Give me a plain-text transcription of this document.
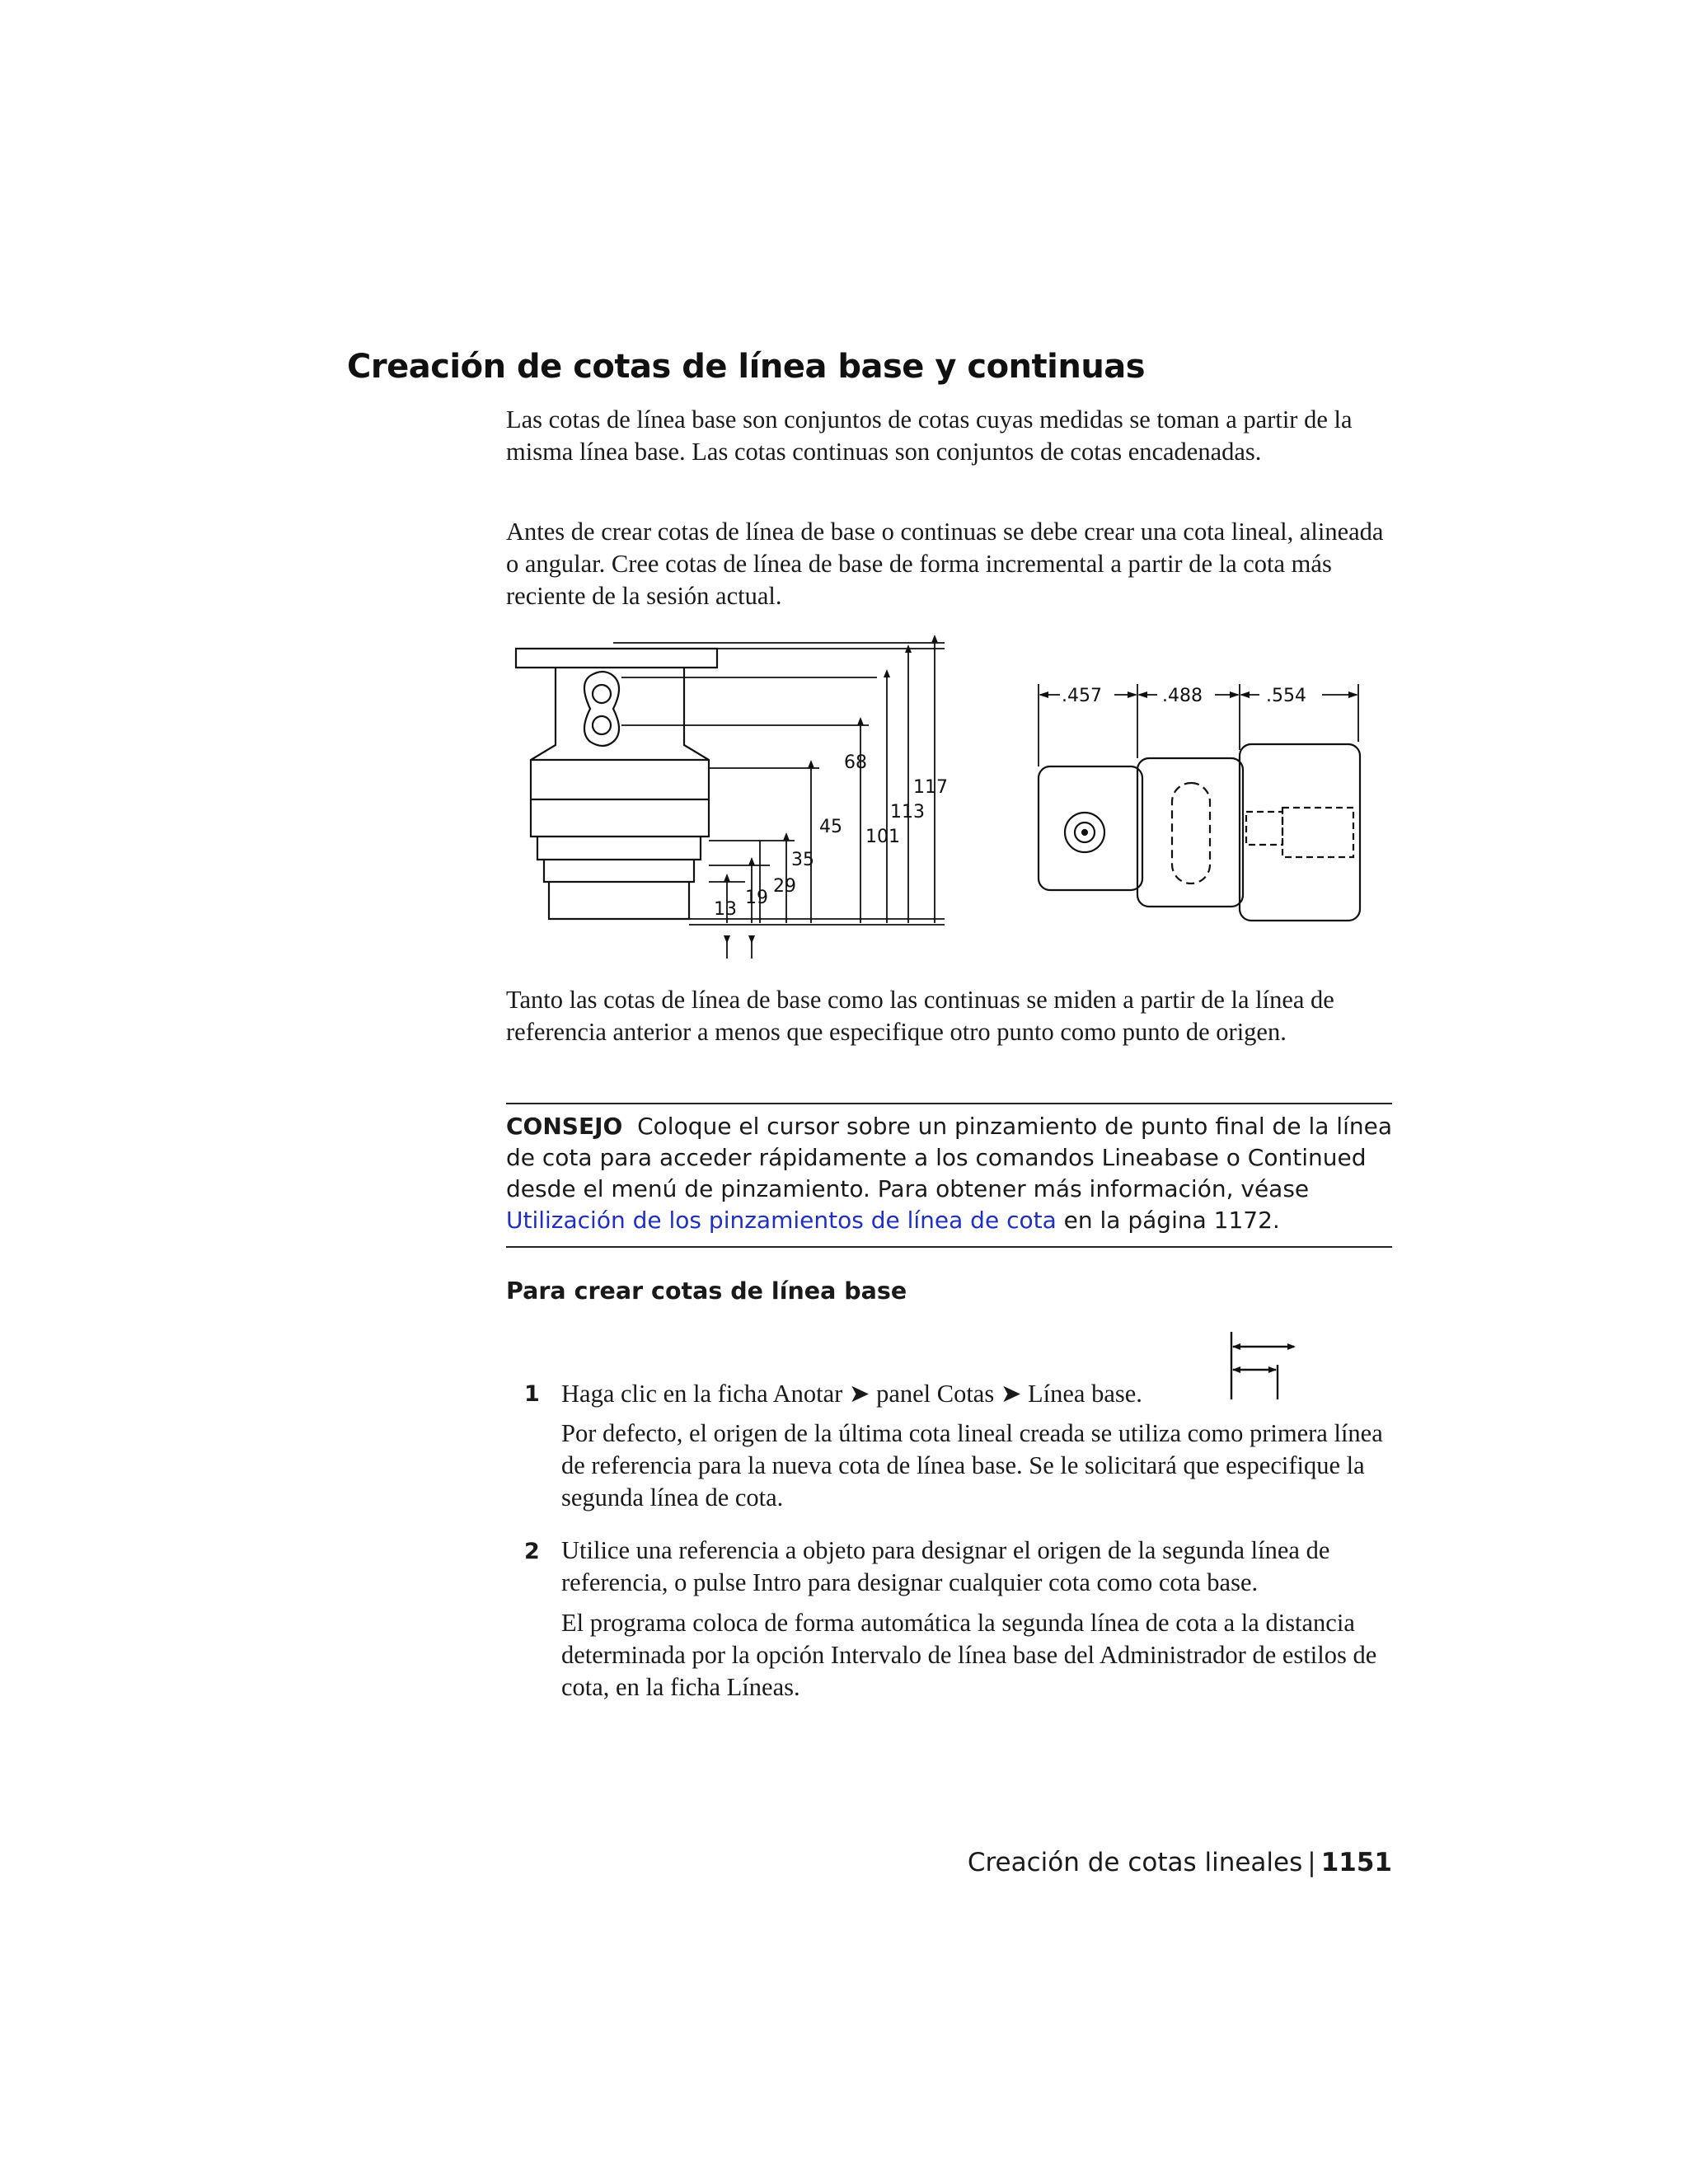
Creación de cotas de línea base y continuas

Las cotas de línea base son conjuntos de cotas cuyas medidas se toman a partir de la misma línea base. Las cotas continuas son conjuntos de cotas encadenadas.

Antes de crear cotas de línea de base o continuas se debe crear una cota lineal, alineada o angular. Cree cotas de línea de base de forma incremental a partir de la cota más reciente de la sesión actual.

13
19
29
35
45
68
101
113
117
.457	.488	.554

Tanto las cotas de línea de base como las continuas se miden a partir de la línea de referencia anterior a menos que especifique otro punto como punto de origen.

CONSEJO Coloque el cursor sobre un pinzamiento de punto final de la línea de cota para acceder rápidamente a los comandos Lineabase o Continued desde el menú de pinzamiento. Para obtener más información, véase Utilización de los pinzamientos de línea de cota en la página 1172.

Para crear cotas de línea base
1 Haga clic en la ficha Anotar ➤ panel Cotas ➤ Línea base.

Por defecto, el origen de la última cota lineal creada se utiliza como primera línea de referencia para la nueva cota de línea base. Se le solicitará que especifique la segunda línea de cota.

2 Utilice una referencia a objeto para designar el origen de la segunda línea de referencia, o pulse Intro para designar cualquier cota como cota base.

El programa coloca de forma automática la segunda línea de cota a la distancia determinada por la opción Intervalo de línea base del Administrador de estilos de cota, en la ficha Líneas.

Creación de cotas lineales | 1151
